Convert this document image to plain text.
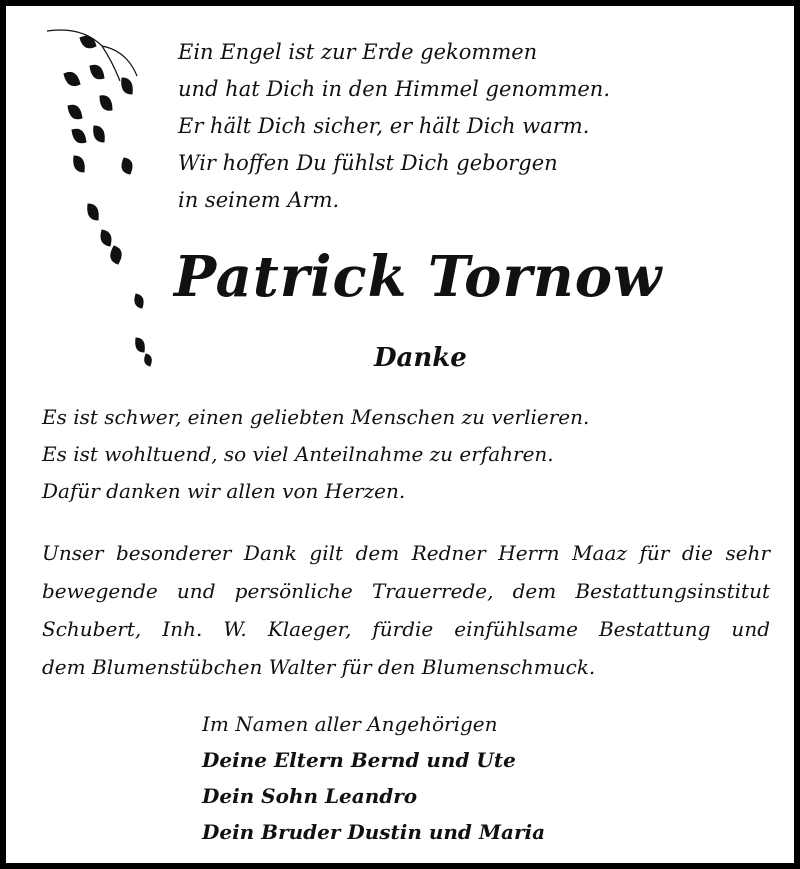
Ein Engel ist zur Erde gekommen
und hat Dich in den Himmel genommen.
Er hält Dich sicher, er hält Dich warm.
Wir hoffen Du fühlst Dich geborgen
in seinem Arm.
Patrick Tornow
Danke
Es ist schwer, einen geliebten Menschen zu verlieren.
Es ist wohltuend, so viel Anteilnahme zu erfahren.
Dafür danken wir allen von Herzen.
Unser besonderer Dank gilt dem Redner Herrn Maaz für die sehr
bewegende und persönliche Trauerrede, dem Bestattungsinstitut
Schubert, Inh. W. Klaeger, fürdie einfühlsame Bestattung und
dem Blumenstübchen Walter für den Blumenschmuck.
Im Namen aller Angehörigen
Deine Eltern Bernd und Ute
Dein Sohn Leandro
Dein Bruder Dustin und Maria
